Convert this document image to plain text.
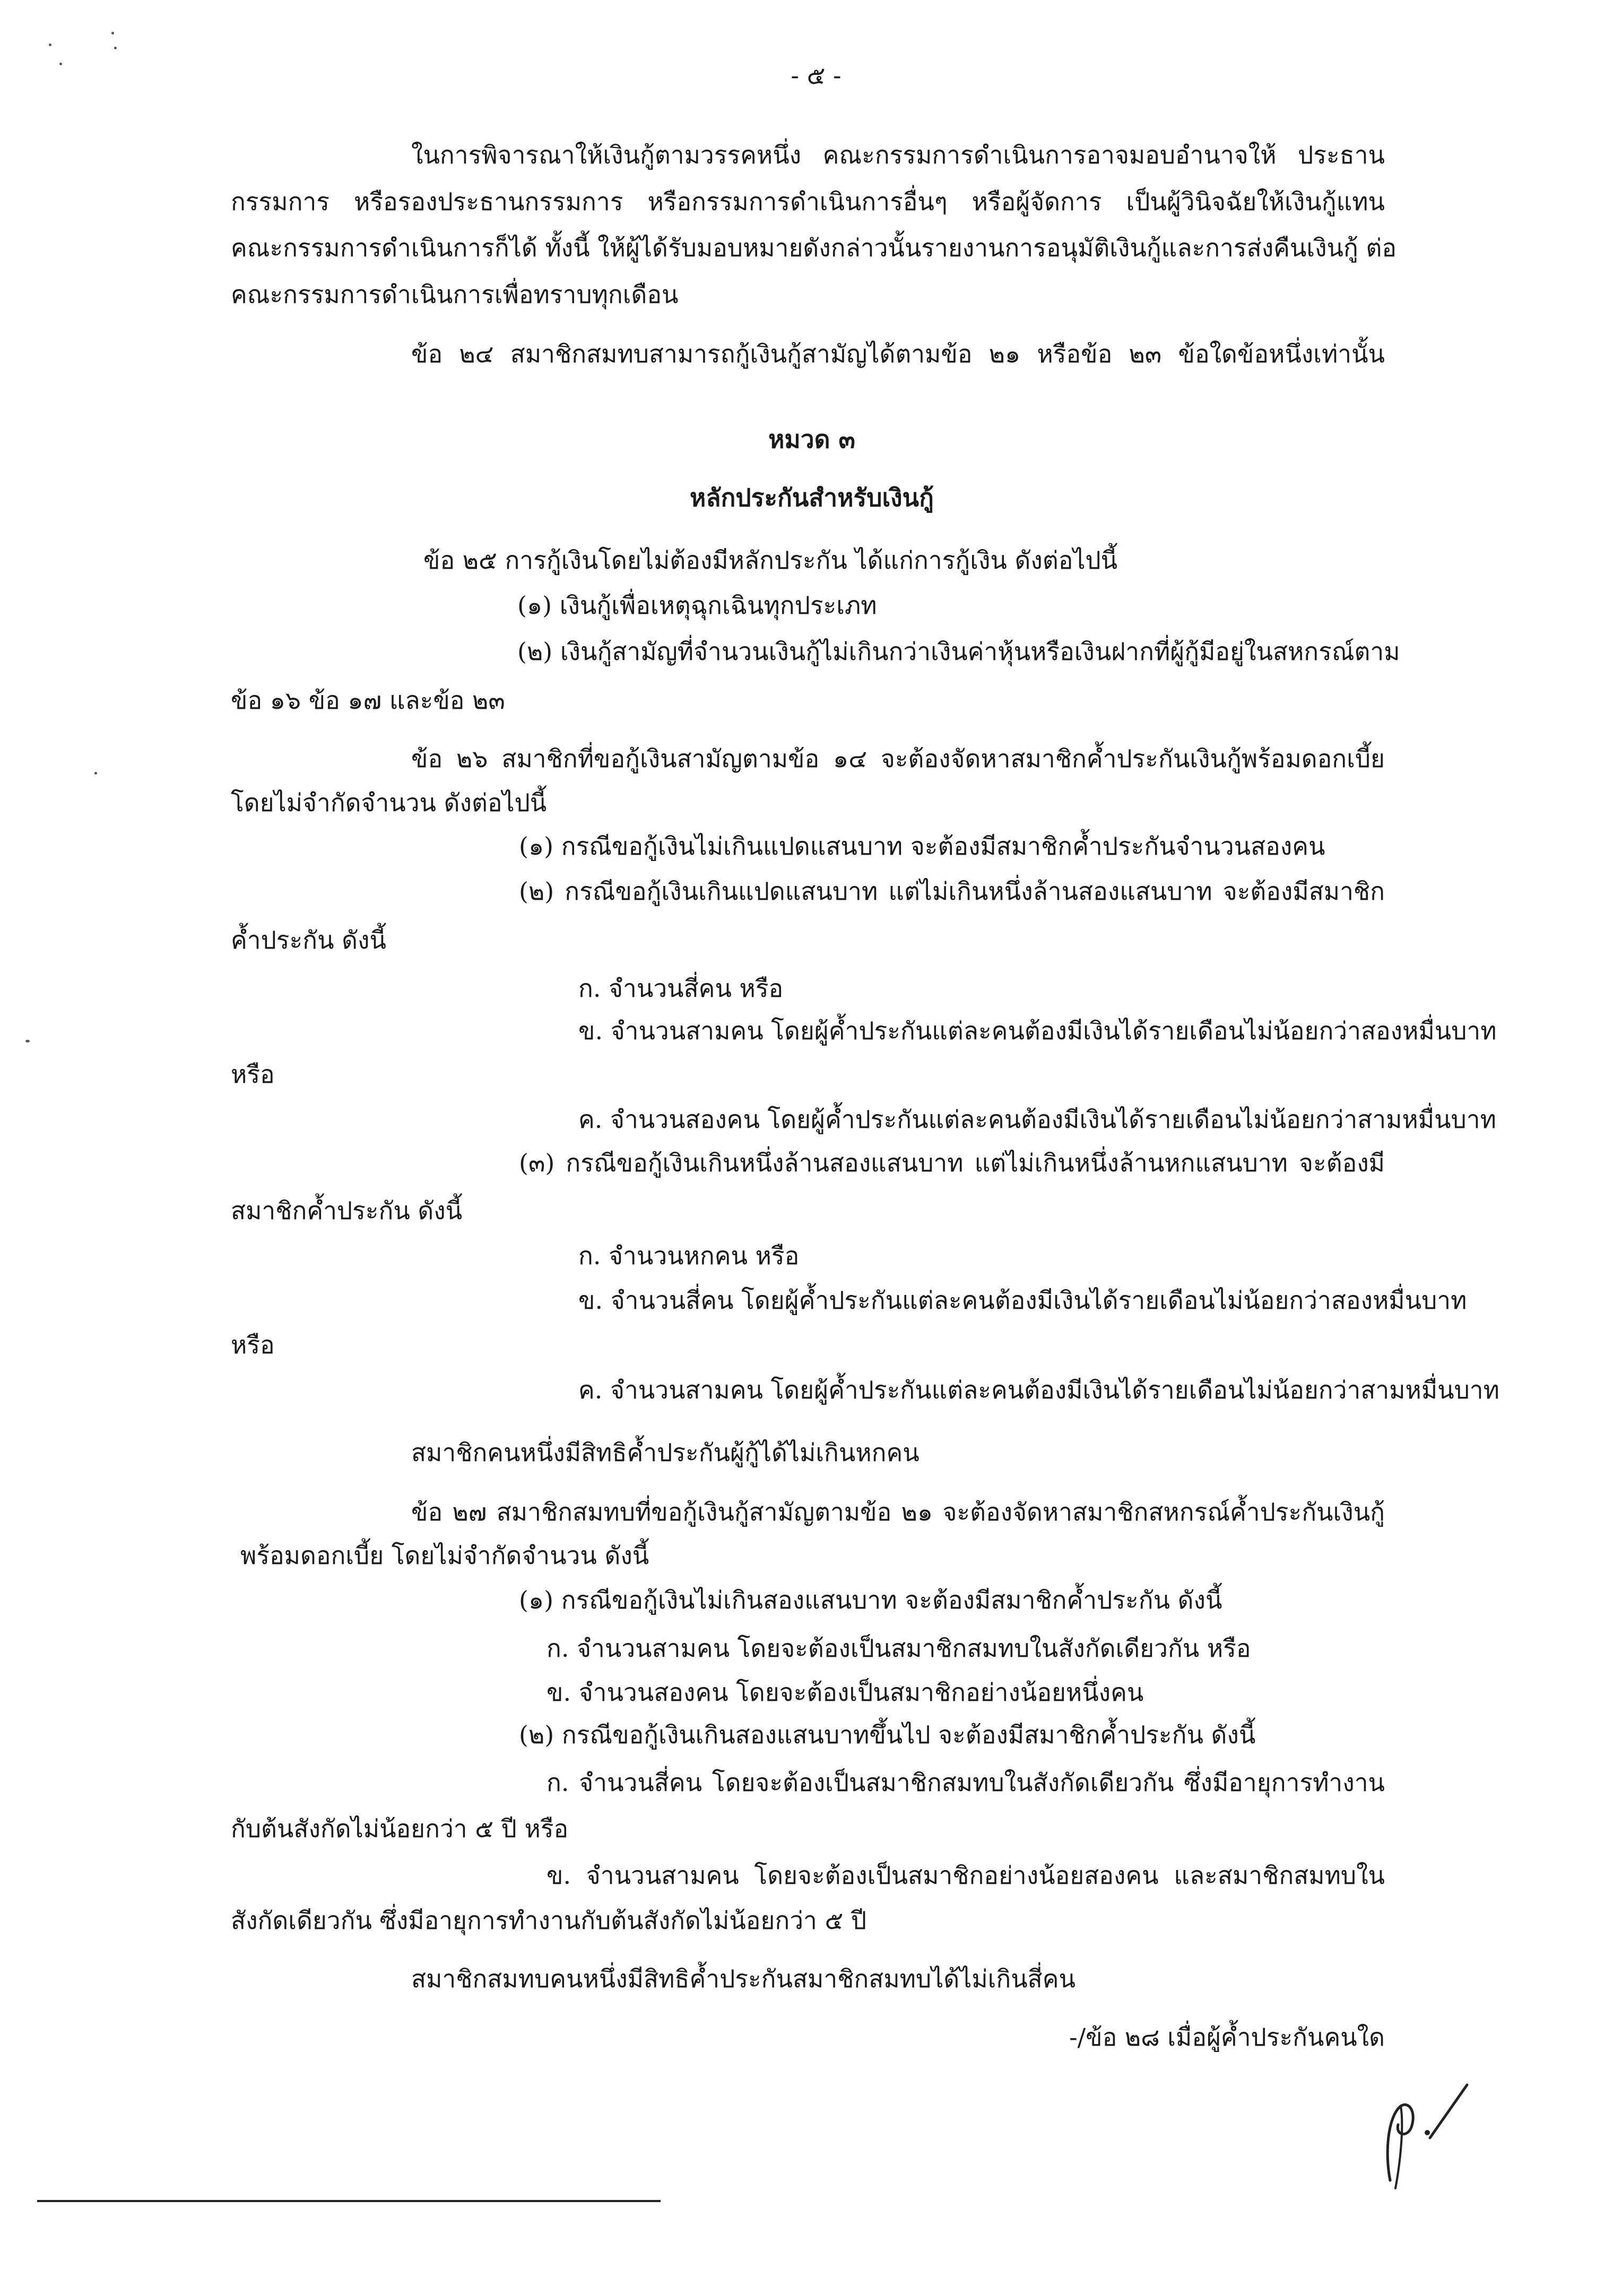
- ๕ -
ในการพิจารณาให้เงินกู้ตามวรรคหนึ่ง คณะกรรมการดำเนินการอาจมอบอำนาจให้ ประธาน
กรรมการ หรือรองประธานกรรมการ หรือกรรมการดำเนินการอื่นๆ หรือผู้จัดการ เป็นผู้วินิจฉัยให้เงินกู้แทน
คณะกรรมการดำเนินการก็ได้ ทั้งนี้ ให้ผู้ได้รับมอบหมายดังกล่าวนั้นรายงานการอนุมัติเงินกู้และการส่งคืนเงินกู้ ต่อ
คณะกรรมการดำเนินการเพื่อทราบทุกเดือน
ข้อ ๒๔ สมาชิกสมทบสามารถกู้เงินกู้สามัญได้ตามข้อ ๒๑ หรือข้อ ๒๓ ข้อใดข้อหนึ่งเท่านั้น
หมวด ๓
หลักประกันสำหรับเงินกู้
ข้อ ๒๕ การกู้เงินโดยไม่ต้องมีหลักประกัน ได้แก่การกู้เงิน ดังต่อไปนี้
(๑) เงินกู้เพื่อเหตุฉุกเฉินทุกประเภท
(๒) เงินกู้สามัญที่จำนวนเงินกู้ไม่เกินกว่าเงินค่าหุ้นหรือเงินฝากที่ผู้กู้มีอยู่ในสหกรณ์ตาม
ข้อ ๑๖ ข้อ ๑๗ และข้อ ๒๓
ข้อ ๒๖ สมาชิกที่ขอกู้เงินสามัญตามข้อ ๑๔ จะต้องจัดหาสมาชิกค้ำประกันเงินกู้พร้อมดอกเบี้ย
โดยไม่จำกัดจำนวน ดังต่อไปนี้
(๑) กรณีขอกู้เงินไม่เกินแปดแสนบาท จะต้องมีสมาชิกค้ำประกันจำนวนสองคน
(๒) กรณีขอกู้เงินเกินแปดแสนบาท แต่ไม่เกินหนึ่งล้านสองแสนบาท จะต้องมีสมาชิก
ค้ำประกัน ดังนี้
ก. จำนวนสี่คน หรือ
ข. จำนวนสามคน โดยผู้ค้ำประกันแต่ละคนต้องมีเงินได้รายเดือนไม่น้อยกว่าสองหมื่นบาท
หรือ
ค. จำนวนสองคน โดยผู้ค้ำประกันแต่ละคนต้องมีเงินได้รายเดือนไม่น้อยกว่าสามหมื่นบาท
(๓) กรณีขอกู้เงินเกินหนึ่งล้านสองแสนบาท แต่ไม่เกินหนึ่งล้านหกแสนบาท จะต้องมี
สมาชิกค้ำประกัน ดังนี้
ก. จำนวนหกคน หรือ
ข. จำนวนสี่คน โดยผู้ค้ำประกันแต่ละคนต้องมีเงินได้รายเดือนไม่น้อยกว่าสองหมื่นบาท
หรือ
ค. จำนวนสามคน โดยผู้ค้ำประกันแต่ละคนต้องมีเงินได้รายเดือนไม่น้อยกว่าสามหมื่นบาท
สมาชิกคนหนึ่งมีสิทธิค้ำประกันผู้กู้ได้ไม่เกินหกคน
ข้อ ๒๗ สมาชิกสมทบที่ขอกู้เงินกู้สามัญตามข้อ ๒๑ จะต้องจัดหาสมาชิกสหกรณ์ค้ำประกันเงินกู้
พร้อมดอกเบี้ย โดยไม่จำกัดจำนวน ดังนี้
(๑) กรณีขอกู้เงินไม่เกินสองแสนบาท จะต้องมีสมาชิกค้ำประกัน ดังนี้
ก. จำนวนสามคน โดยจะต้องเป็นสมาชิกสมทบในสังกัดเดียวกัน หรือ
ข. จำนวนสองคน โดยจะต้องเป็นสมาชิกอย่างน้อยหนึ่งคน
(๒) กรณีขอกู้เงินเกินสองแสนบาทขึ้นไป จะต้องมีสมาชิกค้ำประกัน ดังนี้
ก. จำนวนสี่คน โดยจะต้องเป็นสมาชิกสมทบในสังกัดเดียวกัน ซึ่งมีอายุการทำงาน
กับต้นสังกัดไม่น้อยกว่า ๕ ปี หรือ
ข. จำนวนสามคน โดยจะต้องเป็นสมาชิกอย่างน้อยสองคน และสมาชิกสมทบใน
สังกัดเดียวกัน ซึ่งมีอายุการทำงานกับต้นสังกัดไม่น้อยกว่า ๕ ปี
สมาชิกสมทบคนหนึ่งมีสิทธิค้ำประกันสมาชิกสมทบได้ไม่เกินสี่คน
-/ข้อ ๒๘ เมื่อผู้ค้ำประกันคนใด
